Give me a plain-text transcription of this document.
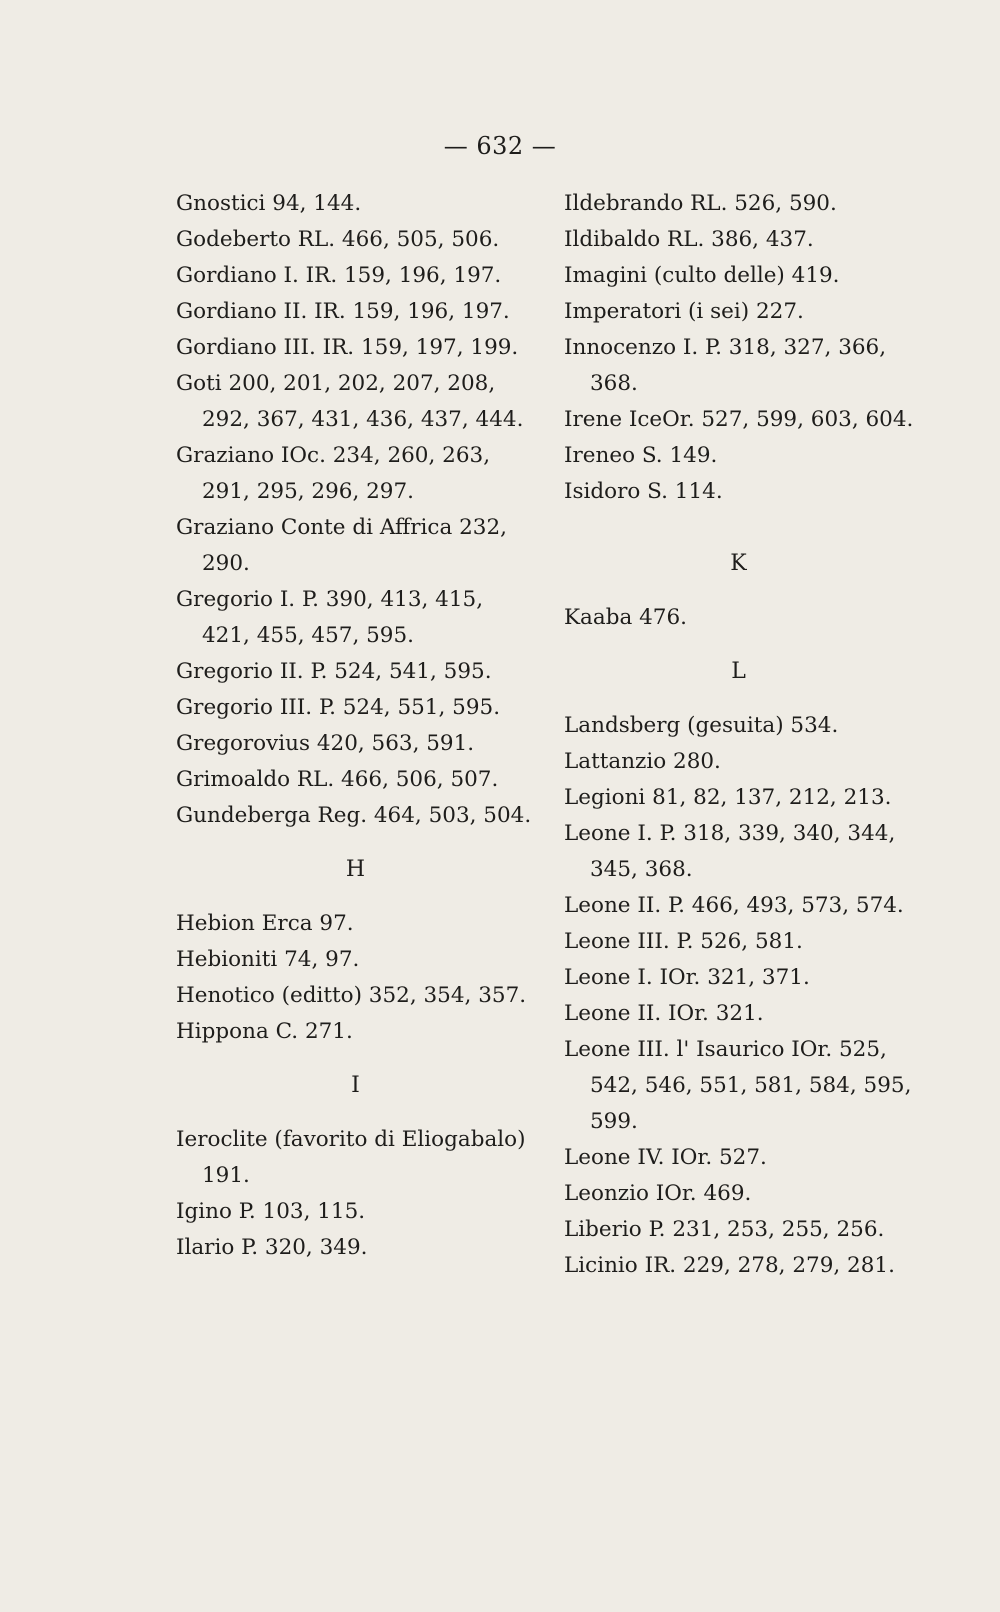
— 632 —
Gnostici 94, 144.
Godeberto RL. 466, 505, 506.
Gordiano I. IR. 159, 196, 197.
Gordiano II. IR. 159, 196, 197.
Gordiano III. IR. 159, 197, 199.
Goti 200, 201, 202, 207, 208,
292, 367, 431, 436, 437, 444.
Graziano IOc. 234, 260, 263,
291, 295, 296, 297.
Graziano Conte di Affrica 232,
290.
Gregorio I. P. 390, 413, 415,
421, 455, 457, 595.
Gregorio II. P. 524, 541, 595.
Gregorio III. P. 524, 551, 595.
Gregorovius 420, 563, 591.
Grimoaldo RL. 466, 506, 507.
Gundeberga Reg. 464, 503, 504.
H
Hebion Erca 97.
Hebioniti 74, 97.
Henotico (editto) 352, 354, 357.
Hippona C. 271.
I
Ieroclite (favorito di Eliogabalo)
191.
Igino P. 103, 115.
Ilario P. 320, 349.
Ildebrando RL. 526, 590.
Ildibaldo RL. 386, 437.
Imagini (culto delle) 419.
Imperatori (i sei) 227.
Innocenzo I. P. 318, 327, 366,
368.
Irene IceOr. 527, 599, 603, 604.
Ireneo S. 149.
Isidoro S. 114.
K
Kaaba 476.
L
Landsberg (gesuita) 534.
Lattanzio 280.
Legioni 81, 82, 137, 212, 213.
Leone I. P. 318, 339, 340, 344,
345, 368.
Leone II. P. 466, 493, 573, 574.
Leone III. P. 526, 581.
Leone I. IOr. 321, 371.
Leone II. IOr. 321.
Leone III. l' Isaurico IOr. 525,
542, 546, 551, 581, 584, 595,
599.
Leone IV. IOr. 527.
Leonzio IOr. 469.
Liberio P. 231, 253, 255, 256.
Licinio IR. 229, 278, 279, 281.
